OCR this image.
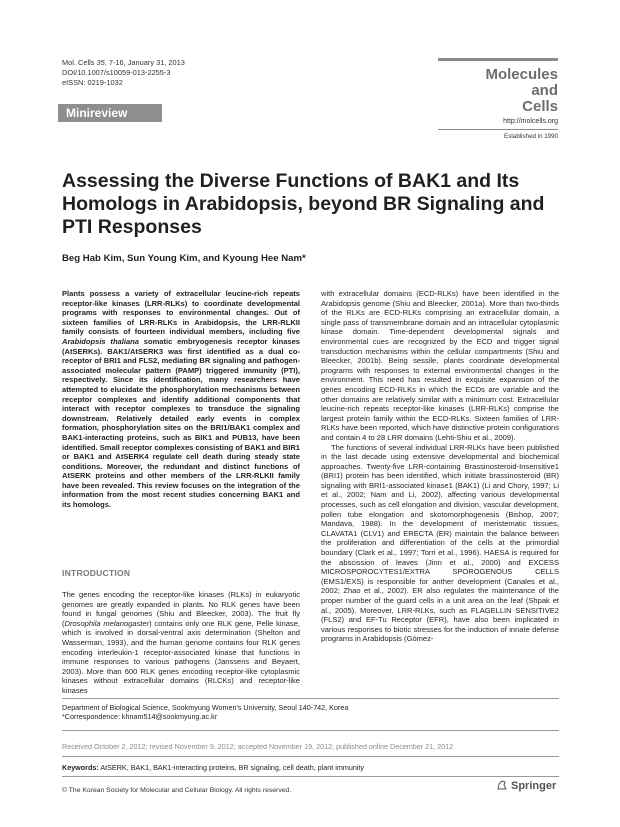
Mol. Cells 35, 7-16, January 31, 2013
DOI/10.1007/s10059-013-2255-3
eISSN: 0219-1032
Minireview
Molecules
and
Cells
http://molcells.org
Established in 1990
Assessing the Diverse Functions of BAK1 and Its Homologs in Arabidopsis, beyond BR Signaling and PTI Responses
Beg Hab Kim, Sun Young Kim, and Kyoung Hee Nam*

Plants possess a variety of extracellular leucine-rich repeats receptor-like kinases (LRR-RLKs) to coordinate developmental programs with responses to environmental changes. Out of sixteen families of LRR-RLKs in Arabidopsis, the LRR-RLKII family consists of fourteen individual members, including five Arabidopsis thaliana somatic embryogenesis receptor kinases (AtSERKs). BAK1/AtSERK3 was first identified as a dual co-receptor of BRI1 and FLS2, mediating BR signaling and pathogen-associated molecular pattern (PAMP) triggered immunity (PTI), respectively. Since its identification, many researchers have attempted to elucidate the phosphorylation mechanisms between receptor complexes and identify additional components that interact with receptor complexes to transduce the signaling downstream. Relatively detailed early events in complex formation, phosphorylation sites on the BRI1/BAK1 complex and BAK1-interacting proteins, such as BIK1 and PUB13, have been identified. Small receptor complexes consisting of BAK1 and BIR1 or BAK1 and AtSERK4 regulate cell death during steady state conditions. Moreover, the redundant and distinct functions of AtSERK proteins and other members of the LRR-RLKII family have been revealed. This review focuses on the integration of the information from the most recent studies concerning BAK1 and its homologs.

INTRODUCTION

The genes encoding the receptor-like kinases (RLKs) in eukaryotic genomes are greatly expanded in plants. No RLK genes have been found in fungal genomes (Shiu and Bleecker, 2003). The fruit fly (Drosophila melanogaster) contains only one RLK gene, Pelle kinase, which is involved in dorsal-ventral axis determination (Shelton and Wasserman, 1993), and the human genome contains four RLK genes encoding interleukin-1 receptor-associated kinase that functions in immune responses to various pathogens (Janssens and Beyaert, 2003). More than 600 RLK genes encoding receptor-like cytoplasmic kinases without extracellular domains (RLCKs) and receptor-like kinases

with extracellular domains (ECD-RLKs) have been identified in the Arabidopsis genome (Shiu and Bleecker, 2001a). More than two-thirds of the RLKs are ECD-RLKs comprising an extracellular domain, a single pass of transmembrane domain and an intracellular cytoplasmic kinase domain. Time-dependent developmental signals and environmental cues are recognized by the ECD and trigger signal transduction mechanisms within the cellular compartments (Shiu and Bleecker, 2001b). Being sessile, plants coordinate developmental programs with responses to external environmental changes in the environment. This need has resulted in exquisite expansion of the genes encoding ECD-RLKs in which the ECDs are variable and the other domains are relatively similar with a minimum cost. Extracellular leucine-rich repeats receptor-like kinases (LRR-RLKs) comprise the largest protein family within the ECD-RLKs. Sixteen families of LRR-RLKs have been reported, which have distinctive protein configurations and contain 4 to 28 LRR domains (Lehti-Shiu et al., 2009).

The functions of several individual LRR-RLKs have been published in the last decade using extensive developmental and biochemical approaches. Twenty-five LRR-containing Brassinosteroid-Insensitive1 (BRI1) protein has been identified, which initiate brassinosteroid (BR) signaling with BRI1-associated kinase1 (BAK1) (Li and Chory, 1997; Li et al., 2002; Nam and Li, 2002), affecting various developmental processes, such as cell elongation and division, vascular development, pollen tube elongation and skotomorphogenesis (Bishop, 2007; Mandava, 1988). In the development of meristematic tissues, CLAVATA1 (CLV1) and ERECTA (ER) maintain the balance between the proliferation and differentiation of the cells at the primordial boundary (Clark et al., 1997; Torri et al., 1996). HAESA is required for the abscission of leaves (Jinn et al., 2000) and EXCESS MICROSPOROCYTES1/EXTRA SPOROGENOUS CELLS (EMS1/EXS) is responsible for anther development (Canales et al., 2002; Zhao et al., 2002). ER also regulates the maintenance of the proper number of the guard cells in a unit area on the leaf (Shpak et al., 2005). Moreover, LRR-RLKs, such as FLAGELLIN SENSITIVE2 (FLS2) and EF-Tu Receptor (EFR), have also been implicated in various responses to biotic stresses for the induction of innate defense programs in Arabidopsis (Gómez-

Department of Biological Science, Sookmyung Women's University, Seoul 140-742, Korea
*Correspondence: khnam514@sookmyung.ac.kr
Received October 2, 2012; revised November 9, 2012; accepted November 19, 2012; published online December 21, 2012
Keywords: AtSERK, BAK1, BAK1-interacting proteins, BR signaling, cell death, plant immunity
© The Korean Society for Molecular and Cellular Biology. All rights reserved.	Springer
